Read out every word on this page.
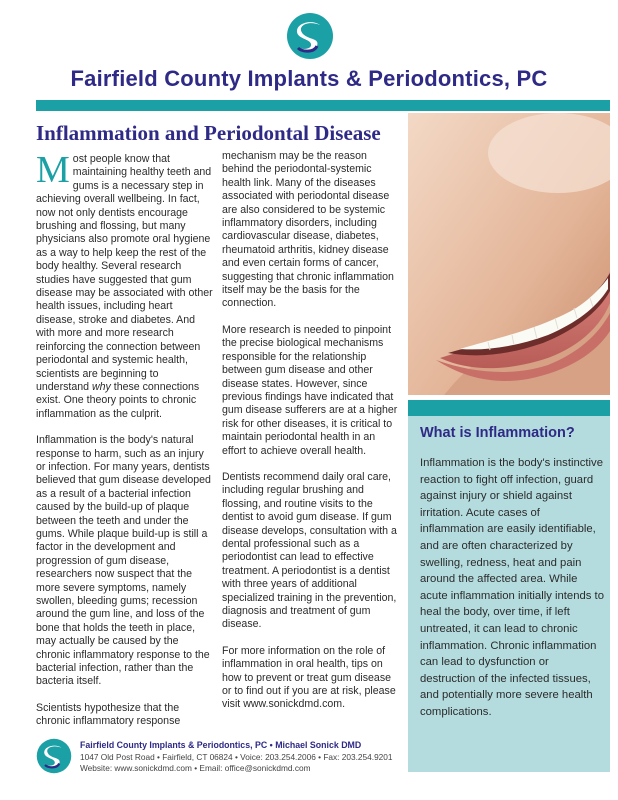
Fairfield County Implants & Periodontics, PC
Inflammation and Periodontal Disease

Most people know that maintaining healthy teeth and gums is a necessary step in achieving overall wellbeing. In fact, now not only dentists encourage brushing and flossing, but many physicians also promote oral hygiene as a way to help keep the rest of the body healthy. Several research studies have suggested that gum disease may be associated with other health issues, including heart disease, stroke and diabetes. And with more and more research reinforcing the connection between periodontal and systemic health, scientists are beginning to understand why these connections exist. One theory points to chronic inflammation as the culprit.

Inflammation is the body's natural response to harm, such as an injury or infection. For many years, dentists believed that gum disease developed as a result of a bacterial infection caused by the build-up of plaque between the teeth and under the gums. While plaque build-up is still a factor in the development and progression of gum disease, researchers now suspect that the more severe symptoms, namely swollen, bleeding gums; recession around the gum line, and loss of the bone that holds the teeth in place, may actually be caused by the chronic inflammatory response to the bacterial infection, rather than the bacteria itself.

Scientists hypothesize that the chronic inflammatory response

mechanism may be the reason behind the periodontal-systemic health link. Many of the diseases associated with periodontal disease are also considered to be systemic inflammatory disorders, including cardiovascular disease, diabetes, rheumatoid arthritis, kidney disease and even certain forms of cancer, suggesting that chronic inflammation itself may be the basis for the connection.

More research is needed to pinpoint the precise biological mechanisms responsible for the relationship between gum disease and other disease states. However, since previous findings have indicated that gum disease sufferers are at a higher risk for other diseases, it is critical to maintain periodontal health in an effort to achieve overall health.

Dentists recommend daily oral care, including regular brushing and flossing, and routine visits to the dentist to avoid gum disease. If gum disease develops, consultation with a dental professional such as a periodontist can lead to effective treatment. A periodontist is a dentist with three years of additional specialized training in the prevention, diagnosis and treatment of gum disease.

For more information on the role of inflammation in oral health, tips on how to prevent or treat gum disease or to find out if you are at risk, please visit www.sonickdmd.com.

What is Inflammation?
Inflammation is the body's instinctive reaction to fight off infection, guard against injury or shield against irritation. Acute cases of inflammation are easily identifiable, and are often characterized by swelling, redness, heat and pain around the affected area. While acute inflammation initially intends to heal the body, over time, if left untreated, it can lead to chronic inflammation. Chronic inflammation can lead to dysfunction or destruction of the infected tissues, and potentially more severe health complications.
Fairfield County Implants & Periodontics, PC • Michael Sonick DMD
1047 Old Post Road • Fairfield, CT 06824 • Voice: 203.254.2006 • Fax: 203.254.9201
Website: www.sonickdmd.com • Email: office@sonickdmd.com
